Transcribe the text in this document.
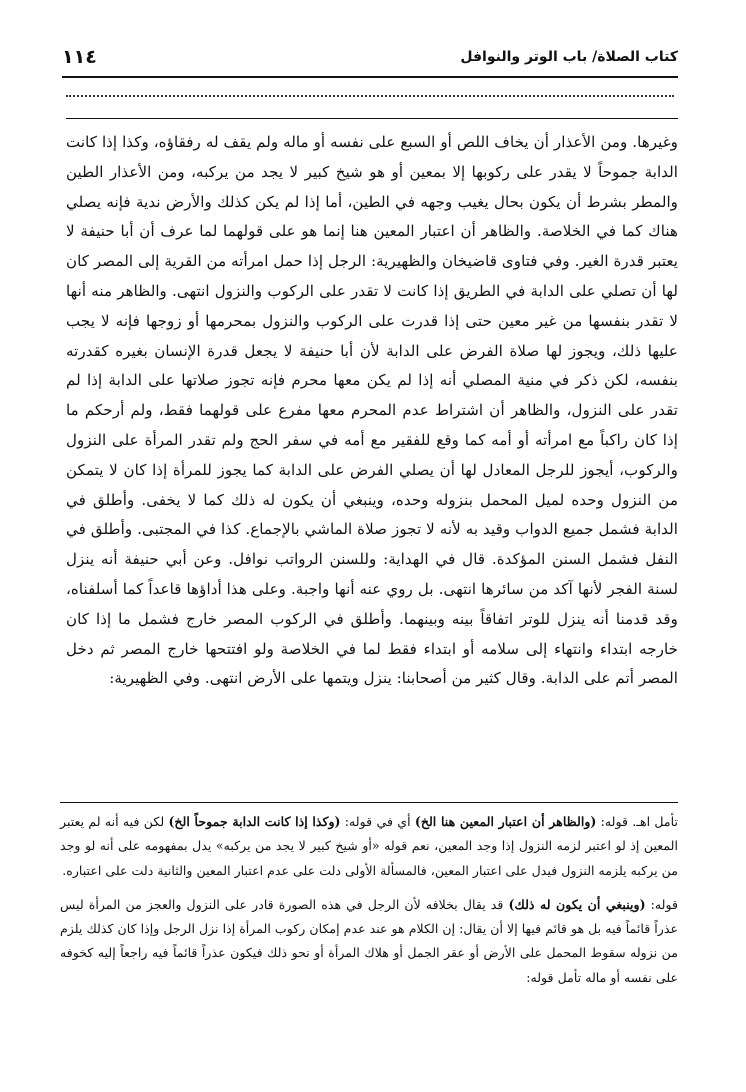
كتاب الصلاة/ باب الوتر والنوافل
١١٤

وغيرها. ومن الأعذار أن يخاف اللص أو السبع على نفسه أو ماله ولم يقف له رفقاؤه، وكذا إذا كانت الدابة جموحاً لا يقدر على ركوبها إلا بمعين أو هو شيخ كبير لا يجد من يركبه، ومن الأعذار الطين والمطر بشرط أن يكون بحال يغيب وجهه في الطين، أما إذا لم يكن كذلك والأرض ندية فإنه يصلي هناك كما في الخلاصة. والظاهر أن اعتبار المعين هنا إنما هو على قولهما لما عرف أن أبا حنيفة لا يعتبر قدرة الغير. وفي فتاوى قاضيخان والظهيرية: الرجل إذا حمل امرأته من القرية إلى المصر كان لها أن تصلي على الدابة في الطريق إذا كانت لا تقدر على الركوب والنزول انتهى. والظاهر منه أنها لا تقدر بنفسها من غير معين حتى إذا قدرت على الركوب والنزول بمحرمها أو زوجها فإنه لا يجب عليها ذلك، ويجوز لها صلاة الفرض على الدابة لأن أبا حنيفة لا يجعل قدرة الإنسان بغيره كقدرته بنفسه، لكن ذكر في منية المصلي أنه إذا لم يكن معها محرم فإنه تجوز صلاتها على الدابة إذا لم تقدر على النزول، والظاهر أن اشتراط عدم المحرم معها مفرع على قولهما فقط، ولم أرحكم ما إذا كان راكباً مع امرأته أو أمه كما وقع للفقير مع أمه في سفر الحج ولم تقدر المرأة على النزول والركوب، أيجوز للرجل المعادل لها أن يصلي الفرض على الدابة كما يجوز للمرأة إذا كان لا يتمكن من النزول وحده لميل المحمل بنزوله وحده، وينبغي أن يكون له ذلك كما لا يخفى. وأطلق في الدابة فشمل جميع الدواب وقيد به لأنه لا تجوز صلاة الماشي بالإجماع. كذا في المجتبى. وأطلق في النفل فشمل السنن المؤكدة. قال في الهداية: وللسنن الرواتب نوافل. وعن أبي حنيفة أنه ينزل لسنة الفجر لأنها آكد من سائرها انتهى. بل روي عنه أنها واجبة. وعلى هذا أداؤها قاعداً كما أسلفناه، وقد قدمنا أنه ينزل للوتر اتفاقاً بينه وبينهما. وأطلق في الركوب المصر خارج فشمل ما إذا كان خارجه ابتداء وانتهاء إلى سلامه أو ابتداء فقط لما في الخلاصة ولو افتتحها خارج المصر ثم دخل المصر أتم على الدابة. وقال كثير من أصحابنا: ينزل ويتمها على الأرض انتهى. وفي الظهيرية:

تأمل اهـ. قوله: (والظاهر أن اعتبار المعين هنا الخ) أي في قوله: (وكذا إذا كانت الدابة جموحاً الخ) لكن فيه أنه لم يعتبر المعين إذ لو اعتبر لزمه النزول إذا وجد المعين، نعم قوله «أو شيخ كبير لا يجد من يركبه» يدل بمفهومه على أنه لو وجد من يركبه يلزمه النزول فيدل على اعتبار المعين، فالمسألة الأولى دلت على عدم اعتبار المعين والثانية دلت على اعتباره.

قوله: (وينبغي أن يكون له ذلك) قد يقال بخلافه لأن الرجل في هذه الصورة قادر على النزول والعجز من المرأة ليس عذراً قائماً فيه بل هو قائم فيها إلا أن يقال: إن الكلام هو عند عدم إمكان ركوب المرأة إذا نزل الرجل وإذا كان كذلك يلزم من نزوله سقوط المحمل على الأرض أو عقر الجمل أو هلاك المرأة أو نحو ذلك فيكون عذراً قائماً فيه راجعاً إليه كخوفه على نفسه أو ماله تأمل قوله:
